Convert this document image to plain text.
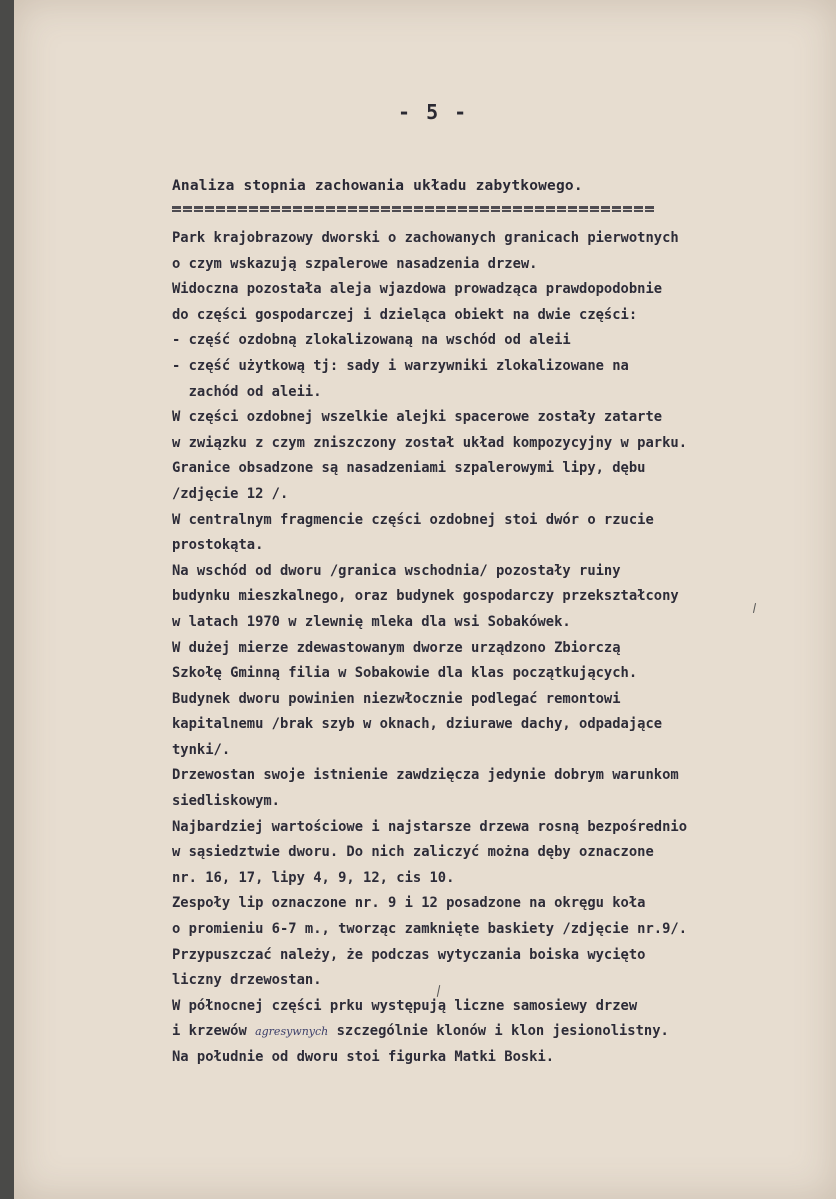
- 5 -
Analiza stopnia zachowania układu zabytkowego.
Park krajobrazowy dworski o zachowanych granicach pierwotnych
o czym wskazują szpalerowe nasadzenia drzew.
Widoczna pozostała aleja wjazdowa prowadząca prawdopodobnie
do części gospodarczej i dzieląca obiekt na dwie części:
- część ozdobną zlokalizowaną na wschód od aleii
- część użytkową tj: sady i warzywniki zlokalizowane na
zachód od aleii.
W części ozdobnej wszelkie alejki spacerowe zostały zatarte
w związku z czym zniszczony został układ kompozycyjny w parku.
Granice obsadzone są nasadzeniami szpalerowymi lipy, dębu
/zdjęcie 12 /.
W centralnym fragmencie części ozdobnej stoi dwór o rzucie
prostokąta.
Na wschód od dworu /granica wschodnia/ pozostały ruiny
budynku mieszkalnego, oraz budynek gospodarczy przekształcony
w latach 1970 w zlewnię mleka dla wsi Sobakówek.
W dużej mierze zdewastowanym dworze urządzono Zbiorczą
Szkołę Gminną filia w Sobakowie dla klas początkujących.
Budynek dworu powinien niezwłocznie podlegać remontowi
kapitalnemu /brak szyb w oknach, dziurawe dachy, odpadające
tynki/.
Drzewostan swoje istnienie zawdzięcza jedynie dobrym warunkom
siedliskowym.
Najbardziej wartościowe i najstarsze drzewa rosną bezpośrednio
w sąsiedztwie dworu. Do nich zaliczyć można dęby oznaczone
nr. 16, 17, lipy 4, 9, 12, cis 10.
Zespoły lip oznaczone nr. 9 i 12 posadzone na okręgu koła
o promieniu 6-7 m., tworząc zamknięte baskiety /zdjęcie nr.9/.
Przypuszczać należy, że podczas wytyczania boiska wycięto
liczny drzewostan.
W północnej części prku występują liczne samosiewy drzew
i krzewów agresywnych szczególnie klonów i klon jesionolistny.
Na południe od dworu stoi figurka Matki Boski.
